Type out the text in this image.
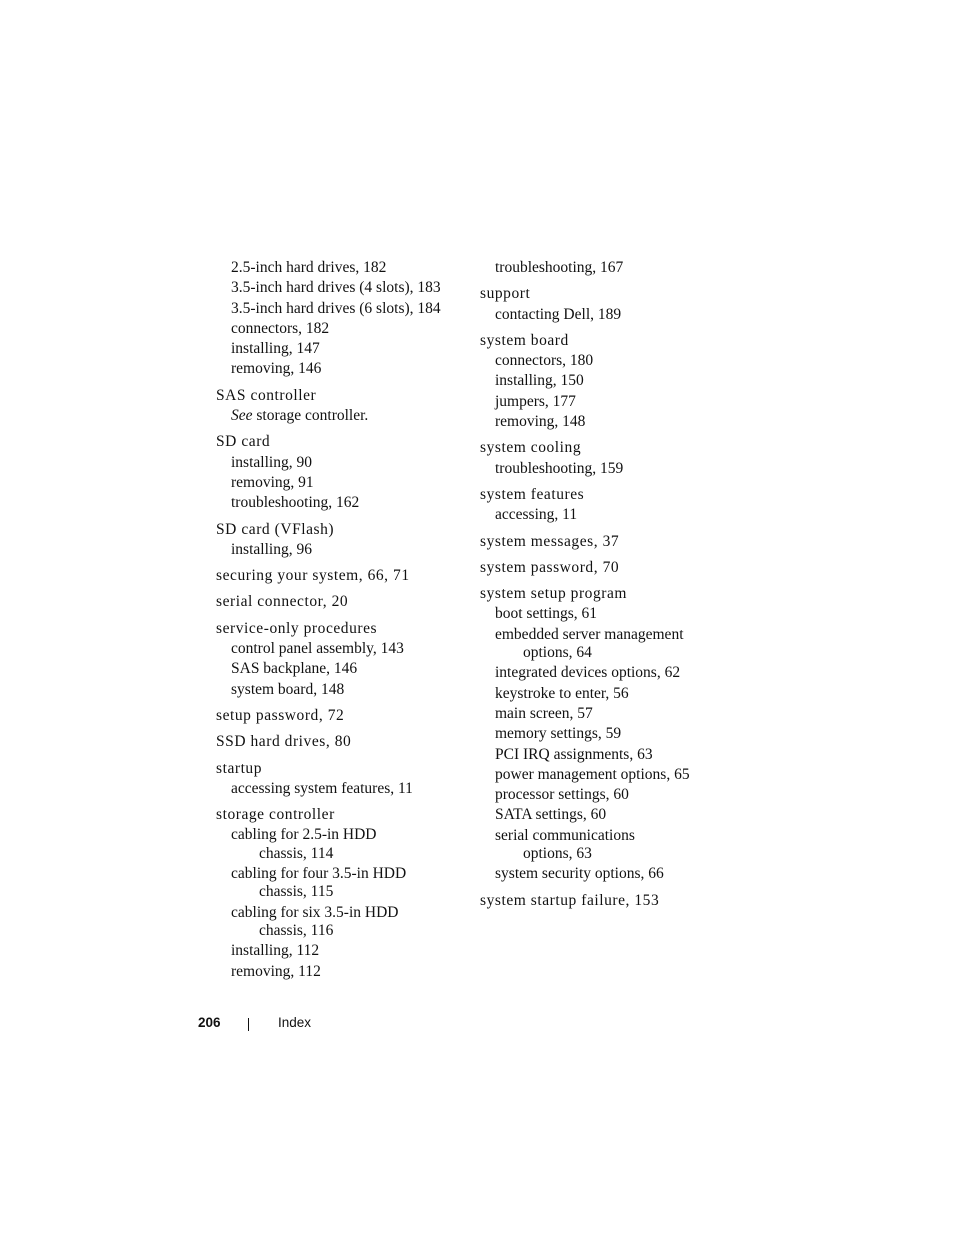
2.5-inch hard drives, 182
3.5-inch hard drives (4 slots), 183
3.5-inch hard drives (6 slots), 184
connectors, 182
installing, 147
removing, 146
SAS controller
See storage controller.
SD card
installing, 90
removing, 91
troubleshooting, 162
SD card (VFlash)
installing, 96
securing your system, 66, 71
serial connector, 20
service-only procedures
control panel assembly, 143
SAS backplane, 146
system board, 148
setup password, 72
SSD hard drives, 80
startup
accessing system features, 11
storage controller
cabling for 2.5-in HDD
chassis, 114
cabling for four 3.5-in HDD
chassis, 115
cabling for six 3.5-in HDD
chassis, 116
installing, 112
removing, 112
troubleshooting, 167
support
contacting Dell, 189
system board
connectors, 180
installing, 150
jumpers, 177
removing, 148
system cooling
troubleshooting, 159
system features
accessing, 11
system messages, 37
system password, 70
system setup program
boot settings, 61
embedded server management
options, 64
integrated devices options, 62
keystroke to enter, 56
main screen, 57
memory settings, 59
PCI IRQ assignments, 63
power management options, 65
processor settings, 60
SATA settings, 60
serial communications
options, 63
system security options, 66
system startup failure, 153
206	Index
